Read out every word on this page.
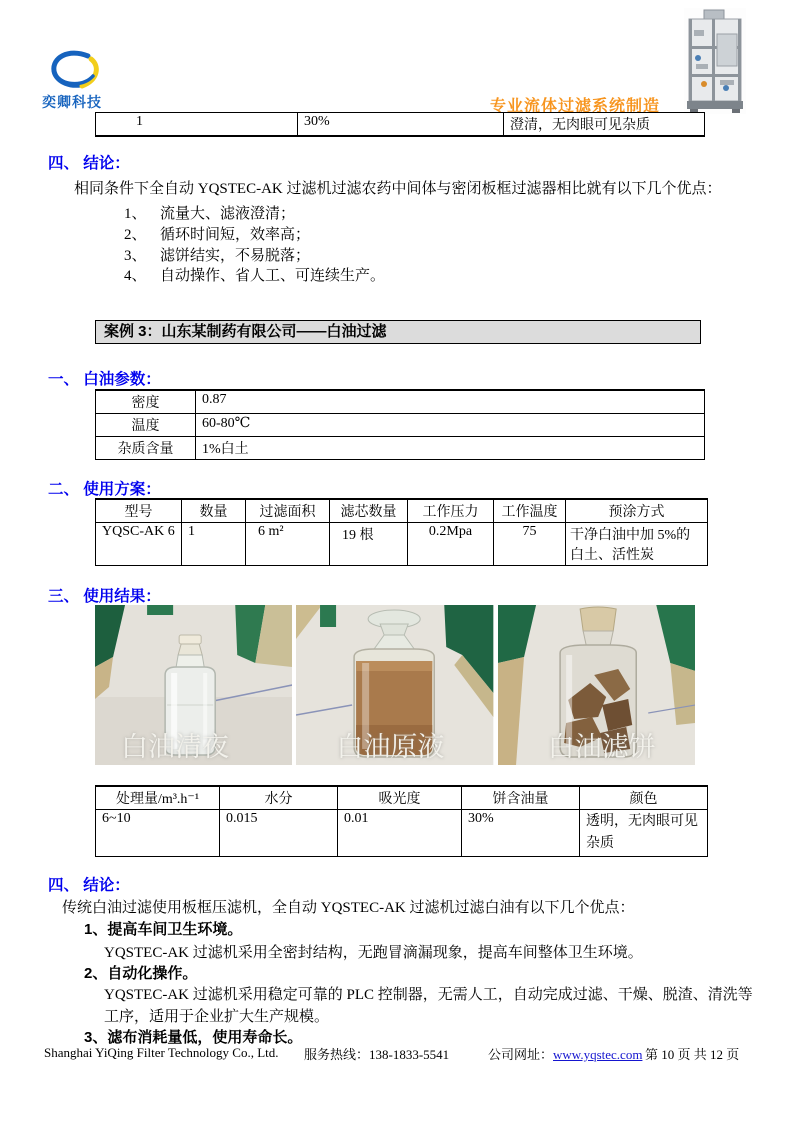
奕卿科技	专业流体过滤系统制造
1	30%	澄清，无肉眼可见杂质
四、 结论：
相同条件下全自动 YQSTEC-AK 过滤机过滤农药中间体与密闭板框过滤器相比就有以下几个优点：
1、 流量大、滤液澄清；
2、 循环时间短，效率高；
3、 滤饼结实，不易脱落；
4、 自动操作、省人工、可连续生产。
案例 3：山东某制药有限公司——白油过滤
一、 白油参数：
密度	0.87
温度	60-80℃
杂质含量	1%白土
二、 使用方案：
型号	数量	过滤面积	滤芯数量	工作压力	工作温度	预涂方式
YQSC-AK 6	1	6 m²	19 根	0.2Mpa	75	干净白油中加 5%的白土、活性炭
三、 使用结果：
白油清夜	白油原液	白油滤饼
处理量/m³.h⁻¹	水分	吸光度	饼含油量	颜色
6~10	0.015	0.01	30%	透明，无肉眼可见杂质
四、 结论：
传统白油过滤使用板框压滤机，全自动 YQSTEC-AK 过滤机过滤白油有以下几个优点：
1、提高车间卫生环境。
YQSTEC-AK 过滤机采用全密封结构，无跑冒滴漏现象，提高车间整体卫生环境。
2、自动化操作。
YQSTEC-AK 过滤机采用稳定可靠的 PLC 控制器，无需人工，自动完成过滤、干燥、脱渣、清洗等工序，适用于企业扩大生产规模。
3、滤布消耗量低，使用寿命长。
Shanghai YiQing Filter Technology Co., Ltd. 服务热线：138-1833-5541	公司网址：www.yqstec.com 第 10 页 共 12 页
